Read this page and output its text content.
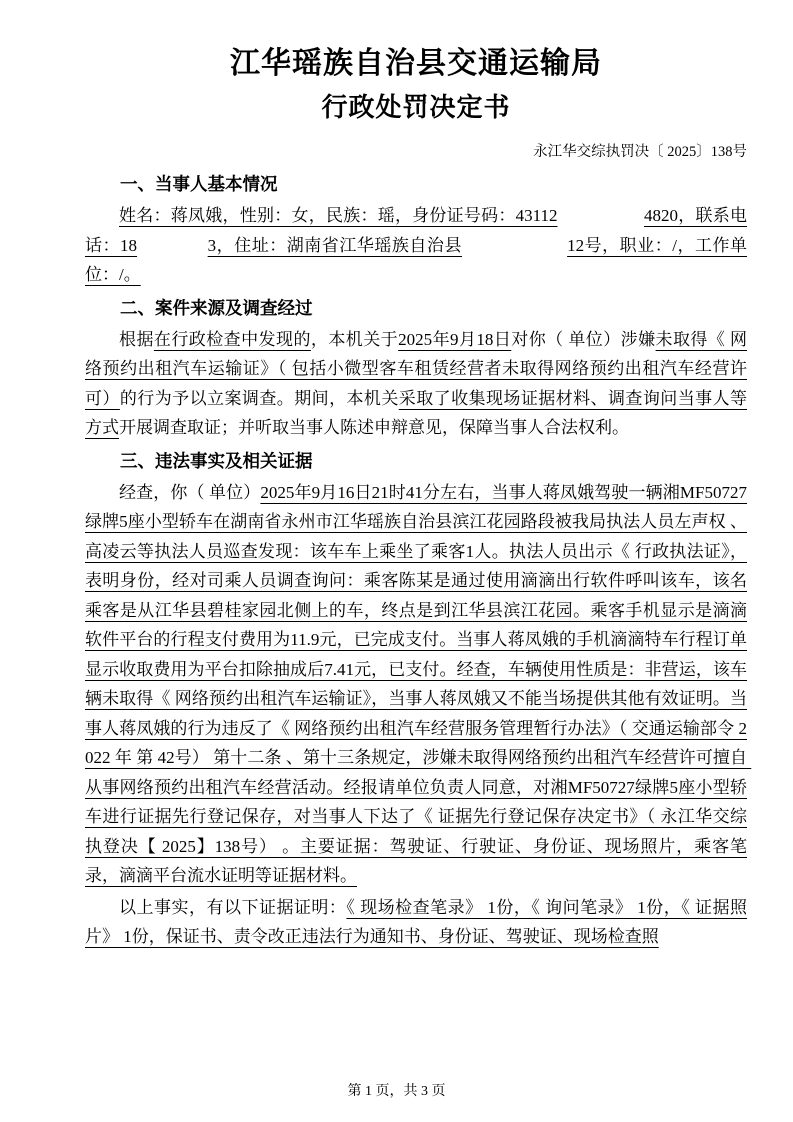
江华瑶族自治县交通运输局
行政处罚决定书
永江华交综执罚决〔 2025〕138号

一、当事人基本情况

姓名：蒋凤娥，性别：女，民族：瑶，身份证号码：43112　　　　　	4820，联系电话：18　　　　	3，住址：湖南省江华瑶族自治县　　　　　　	12号，职业：/，工作单位：/。

二、案件来源及调查经过

根据在行政检查中发现的，本机关于2025年9月18日对你（ 单位）涉嫌未取得《 网络预约出租汽车运输证》（ 包括小微型客车租赁经营者未取得网络预约出租汽车经营许可）的行为予以立案调查。期间，本机关采取了收集现场证据材料、调查询问当事人等方式开展调查取证；并听取当事人陈述申辩意见，保障当事人合法权利。

三、违法事实及相关证据

经查，你（ 单位）2025年9月16日21时41分左右，当事人蒋凤娥驾驶一辆湘MF50727绿牌5座小型轿车在湖南省永州市江华瑶族自治县滨江花园路段被我局执法人员左声权 、高凌云等执法人员巡查发现：该车车上乘坐了乘客1人。执法人员出示《 行政执法证》，表明身份，经对司乘人员调查询问：乘客陈某是通过使用滴滴出行软件呼叫该车，该名乘客是从江华县碧桂家园北侧上的车，终点是到江华县滨江花园。乘客手机显示是滴滴软件平台的行程支付费用为11.9元，已完成支付。当事人蒋凤娥的手机滴滴特车行程订单显示收取费用为平台扣除抽成后7.41元，已支付。经查，车辆使用性质是：非营运，该车辆未取得《 网络预约出租汽车运输证》，当事人蒋凤娥又不能当场提供其他有效证明。当事人蒋凤娥的行为违反了《 网络预约出租汽车经营服务管理暂行办法》（ 交通运输部令 2022 年 第 42号） 第十二条 、第十三条规定，涉嫌未取得网络预约出租汽车经营许可擅自 从事网络预约出租汽车经营活动。经报请单位负责人同意，对湘MF50727绿牌5座小型轿车进行证据先行登记保存，对当事人下达了《 证据先行登记保存决定书》（ 永江华交综执登决【 2025】138号） 。主要证据：驾驶证、行驶证、身份证、现场照片，乘客笔录，滴滴平台流水证明等证据材料。

以上事实，有以下证据证明：《 现场检查笔录》 1份，《 询问笔录》 1份，《 证据照片》 1份，保证书、责令改正违法行为通知书、身份证、驾驶证、现场检查照

第 1 页，共 3 页
